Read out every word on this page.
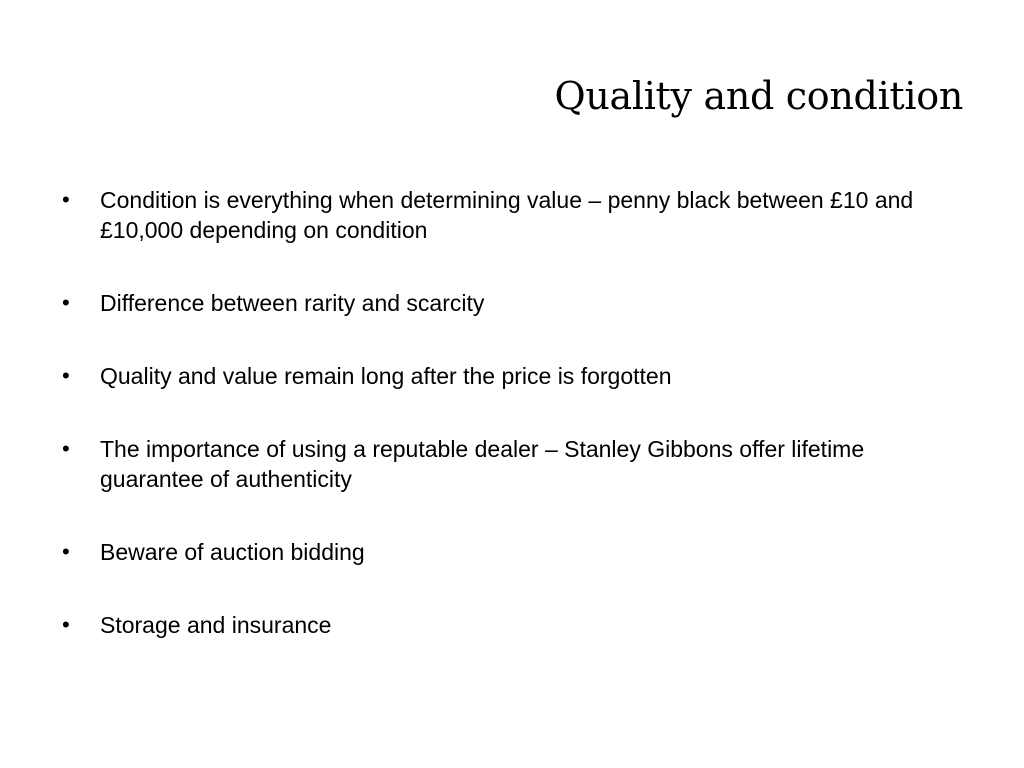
Quality and condition
•	Condition is everything when determining value – penny black between £10 and £10,000 depending on condition
•	Difference between rarity and scarcity
•	Quality and value remain long after the price is forgotten
•	The importance of using a reputable dealer – Stanley Gibbons offer lifetime guarantee of authenticity
•	Beware of auction bidding
•	Storage and insurance
